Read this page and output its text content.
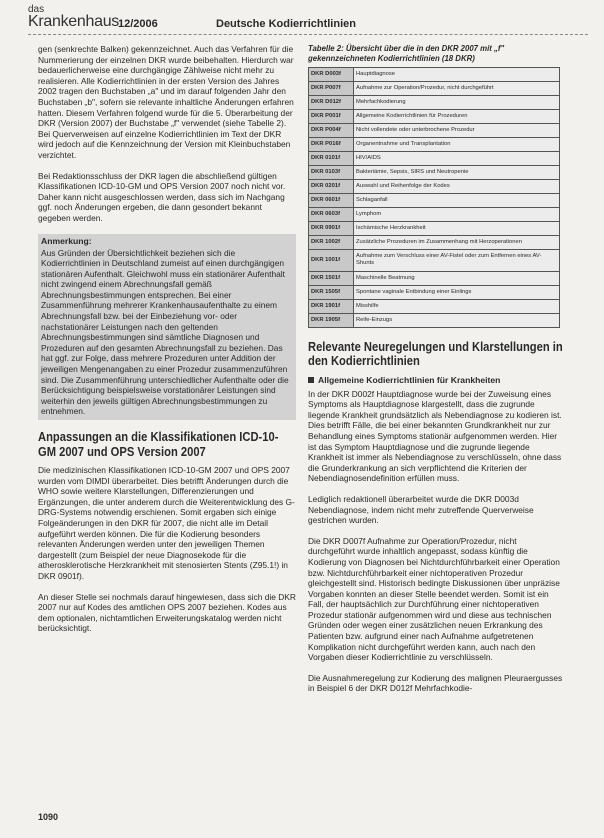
das
Krankenhaus 12/2006	Deutsche Kodierrichtlinien

gen (senkrechte Balken) gekennzeichnet. Auch das Verfahren für die Nummerierung der einzelnen DKR wurde beibehalten. Hierdurch war bedauerlicherweise eine durchgängige Zählweise nicht mehr zu realisieren. Alle Kodierrichtlinien in der ersten Version des Jahres 2002 tragen den Buchstaben „a" und im darauf folgenden Jahr den Buchstaben „b", sofern sie relevante inhaltliche Änderungen erfahren hatten. Diesem Verfahren folgend wurde für die 5. Überarbeitung der DKR (Version 2007) der Buchstabe „f" verwendet (siehe Tabelle 2). Bei Querverweisen auf einzelne Kodierrichtlinien im Text der DKR wird jedoch auf die Kennzeichnung der Version mit Kleinbuchstaben verzichtet.

Bei Redaktionsschluss der DKR lagen die abschließend gültigen Klassifikationen ICD-10-GM und OPS Version 2007 noch nicht vor. Daher kann nicht ausgeschlossen werden, dass sich im Nachgang ggf. noch Änderungen ergeben, die dann gesondert bekannt gegeben werden.

Anmerkung:

Aus Gründen der Übersichtlichkeit beziehen sich die Kodierrichtlinien in Deutschland zumeist auf einen durchgängigen stationären Aufenthalt. Gleichwohl muss ein stationärer Aufenthalt nicht zwingend einem Abrechnungsfall gemäß Abrechnungsbestimmungen entsprechen. Bei einer Zusammenführung mehrerer Krankenhausaufenthalte zu einem Abrechnungsfall bzw. bei der Einbeziehung vor- oder nachstationärer Leistungen nach den geltenden Abrechnungsbestimmungen sind sämtliche Diagnosen und Prozeduren auf den gesamten Abrechnungsfall zu beziehen. Das hat ggf. zur Folge, dass mehrere Prozeduren unter Addition der jeweiligen Mengenangaben zu einer Prozedur zusammenzuführen sind. Die Zusammenführung unterschiedlicher Aufenthalte oder die Berücksichtigung beispielsweise vorstationärer Leistungen sind weiterhin den jeweils gültigen Abrechnungsbestimmungen zu entnehmen.

Anpassungen an die Klassifikationen ICD-10-GM 2007 und OPS Version 2007

Die medizinischen Klassifikationen ICD-10-GM 2007 und OPS 2007 wurden vom DIMDI überarbeitet. Dies betrifft Änderungen durch die WHO sowie weitere Klarstellungen, Differenzierungen und Ergänzungen, die unter anderem durch die Weiterentwicklung des G-DRG-Systems notwendig erschienen. Somit ergaben sich einige Folgeänderungen in den DKR für 2007, die nicht alle im Detail aufgeführt werden können. Die für die Kodierung besonders relevanten Änderungen werden unter den jeweiligen Themen dargestellt (zum Beispiel der neue Diagnosekode für die atherosklerotische Herzkrankheit mit stenosierten Stents (Z95.1!) in DKR 0901f).

An dieser Stelle sei nochmals darauf hingewiesen, dass sich die DKR 2007 nur auf Kodes des amtlichen OPS 2007 beziehen. Kodes aus dem optionalen, nichtamtlichen Erweiterungskatalog werden nicht berücksichtigt.

Tabelle 2: Übersicht über die in den DKR 2007 mit „f" gekennzeichneten Kodierrichtlinien (18 DKR)
DKR D003f	Hauptdiagnose
DKR P007f	Aufnahme zur Operation/Prozedur, nicht durchgeführt
DKR D012f	Mehrfachkodierung
DKR P001f	Allgemeine Kodierrichtlinien für Prozeduren
DKR P004f	Nicht vollendete oder unterbrochene Prozedur
DKR P016f	Organentnahme und Transplantation
DKR 0101f	HIV/AIDS
DKR 0103f	Bakteriämie, Sepsis, SIRS und Neutropenie
DKR 0201f	Auswahl und Reihenfolge der Kodes
DKR 0601f	Schlaganfall
DKR 0603f	Lymphom
DKR 0901f	Ischämische Herzkrankheit
DKR 1002f	Zusätzliche Prozeduren im Zusammenhang mit Herzoperationen
DKR 1001f	Aufnahme zum Verschluss einer AV-Fistel oder zum Entfernen eines AV-Shunts
DKR 1501f	Maschinelle Beatmung
DKR 1505f	Spontane vaginale Entbindung einer Einlings
DKR 1901f	Misshilfe
DKR 1905f	Reife-Einzugs
Relevante Neuregelungen und Klarstellungen in den Kodierrichtlinien
Allgemeine Kodierrichtlinien für Krankheiten

In der DKR D002f Hauptdiagnose wurde bei der Zuweisung eines Symptoms als Hauptdiagnose klargestellt, dass die zugrunde liegende Krankheit grundsätzlich als Nebendiagnose zu kodieren ist. Dies betrifft Fälle, die bei einer bekannten Grundkrankheit nur zur Behandlung eines Symptoms stationär aufgenommen werden. Hier ist das Symptom Hauptdiagnose und die zugrunde liegende Krankheit ist immer als Nebendiagnose zu verschlüsseln, ohne dass die Grunderkrankung an sich verpflichtend die Kriterien der Nebendiagnosendefinition erfüllen muss.

Lediglich redaktionell überarbeitet wurde die DKR D003d Nebendiagnose, indem nicht mehr zutreffende Querverweise gestrichen wurden.

Die DKR D007f Aufnahme zur Operation/Prozedur, nicht durchgeführt wurde inhaltlich angepasst, sodass künftig die Kodierung von Diagnosen bei Nichtdurchführbarkeit einer Operation bzw. Nichtdurchführbarkeit einer nichtoperativen Prozedur gleichgestellt sind. Historisch bedingte Diskussionen über unpräzise Vorgaben konnten an dieser Stelle beendet werden. Somit ist ein Fall, der hauptsächlich zur Durchführung einer nichtoperativen Prozedur stationär aufgenommen wird und diese aus technischen Gründen oder wegen einer zusätzlichen neuen Erkrankung des Patienten bzw. aufgrund einer nach Aufnahme aufgetretenen Komplikation nicht durchgeführt werden kann, auch nach den Vorgaben dieser Kodierrichtlinie zu verschlüsseln.

Die Ausnahmeregelung zur Kodierung des malignen Pleuraergusses in Beispiel 6 der DKR D012f Mehrfachkodie-

1090
